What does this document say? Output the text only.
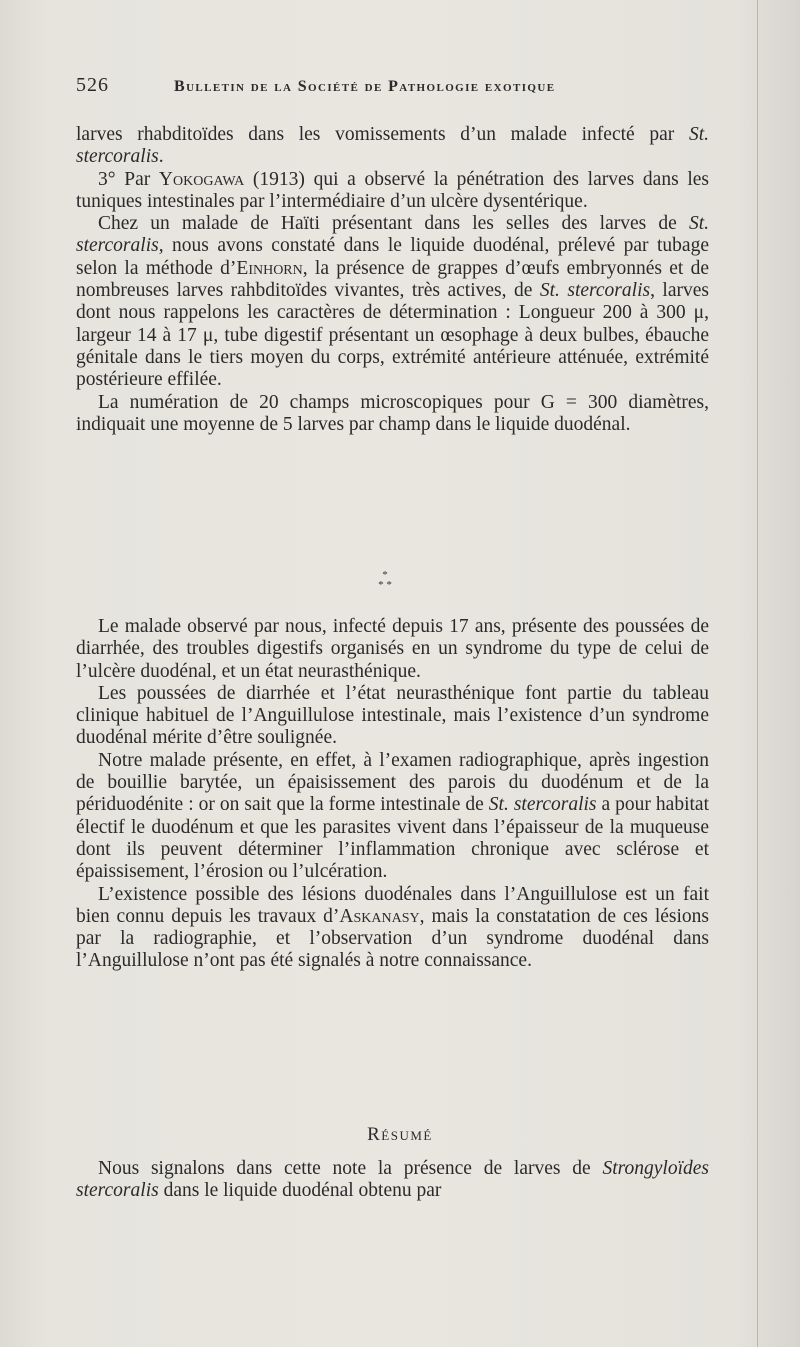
526	Bulletin de la Société de Pathologie exotique

larves rhabditoïdes dans les vomissements d’un malade infecté par St. stercoralis.

3° Par Yokogawa (1913) qui a observé la pénétration des larves dans les tuniques intestinales par l’intermédiaire d’un ulcère dysentérique.

Chez un malade de Haïti présentant dans les selles des larves de St. stercoralis, nous avons constaté dans le liquide duodénal, prélevé par tubage selon la méthode d’Einhorn, la présence de grappes d’œufs embryonnés et de nombreuses larves rahbditoïdes vivantes, très actives, de St. stercoralis, larves dont nous rappelons les caractères de détermination : Longueur 200 à 300 μ, largeur 14 à 17 μ, tube digestif présentant un œsophage à deux bulbes, ébauche génitale dans le tiers moyen du corps, extrémité antérieure atténuée, extrémité postérieure effilée.

La numération de 20 champs microscopiques pour G = 300 diamètres, indiquait une moyenne de 5 larves par champ dans le liquide duodénal.

*
* *

Le malade observé par nous, infecté depuis 17 ans, présente des poussées de diarrhée, des troubles digestifs organisés en un syndrome du type de celui de l’ulcère duodénal, et un état neurasthénique.

Les poussées de diarrhée et l’état neurasthénique font partie du tableau clinique habituel de l’Anguillulose intestinale, mais l’existence d’un syndrome duodénal mérite d’être soulignée.

Notre malade présente, en effet, à l’examen radiographique, après ingestion de bouillie barytée, un épaisissement des parois du duodénum et de la périduodénite : or on sait que la forme intestinale de St. stercoralis a pour habitat électif le duodénum et que les parasites vivent dans l’épaisseur de la muqueuse dont ils peuvent déterminer l’inflammation chronique avec sclérose et épaissisement, l’érosion ou l’ulcération.

L’existence possible des lésions duodénales dans l’Anguillulose est un fait bien connu depuis les travaux d’Askanasy, mais la constatation de ces lésions par la radiographie, et l’observation d’un syndrome duodénal dans l’Anguillulose n’ont pas été signalés à notre connaissance.

Résumé

Nous signalons dans cette note la présence de larves de Strongyloïdes stercoralis dans le liquide duodénal obtenu par
